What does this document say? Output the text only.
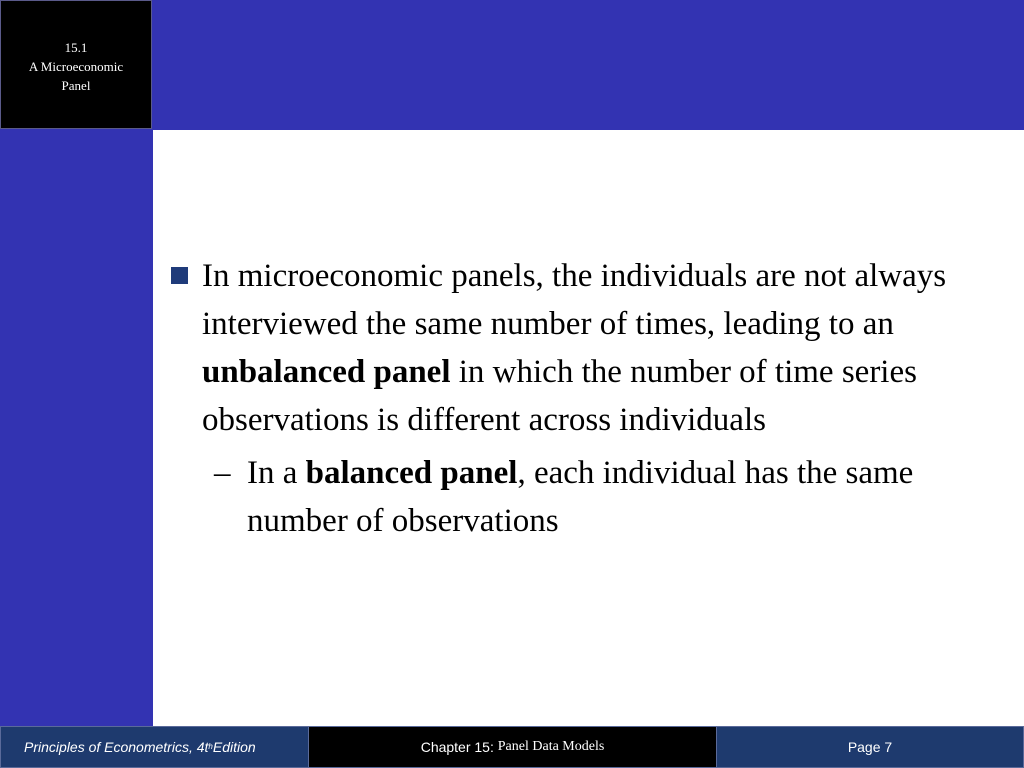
15.1
A Microeconomic
Panel
In microeconomic panels, the individuals are not always interviewed the same number of times, leading to an unbalanced panel in which the number of time series observations is different across individuals
– In a balanced panel, each individual has the same number of observations
Principles of Econometrics, 4t h Edition	Chapter 15:
Panel Data Models	Page 7
